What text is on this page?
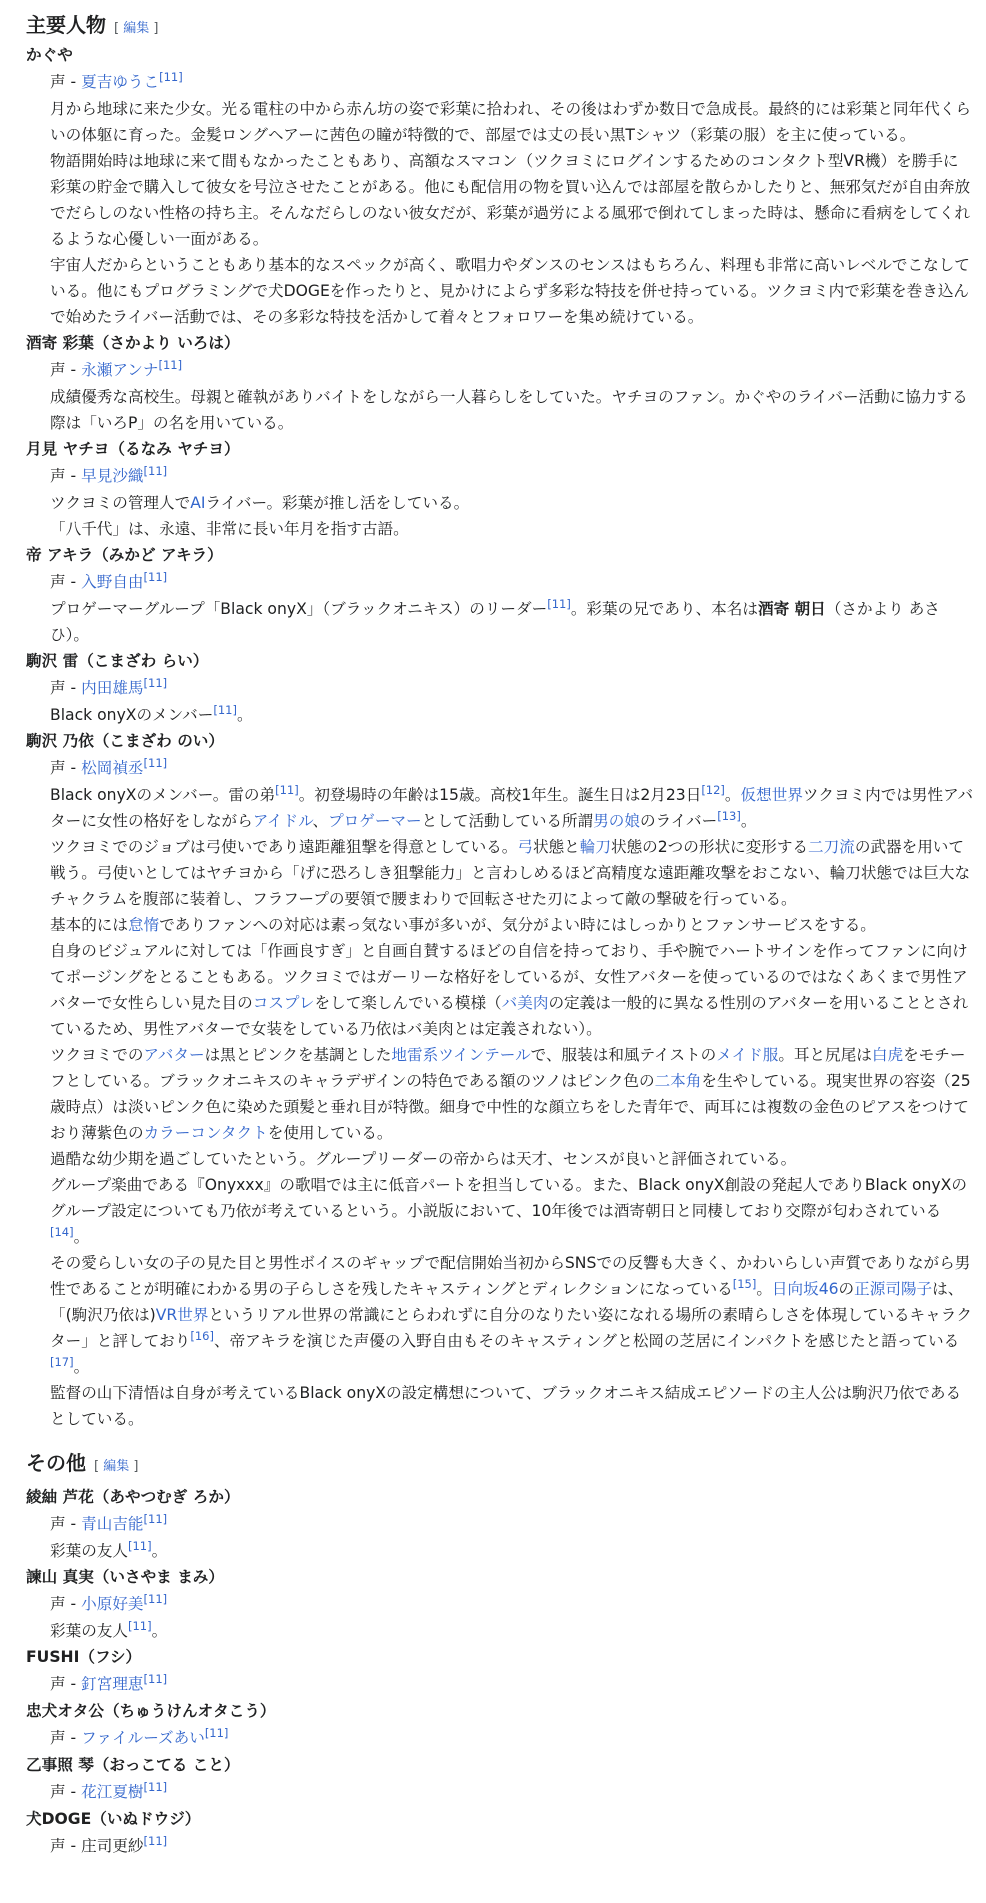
主要人物 [ 編集 ]
かぐや
声 - 夏吉ゆうこ[11]

月から地球に来た少女。光る電柱の中から赤ん坊の姿で彩葉に拾われ、その後はわずか数日で急成長。最終的には彩葉と同年代くらいの体躯に育った。金髪ロングヘアーに茜色の瞳が特徴的で、部屋では丈の長い黒Tシャツ（彩葉の服）を主に使っている。

物語開始時は地球に来て間もなかったこともあり、高額なスマコン（ツクヨミにログインするためのコンタクト型VR機）を勝手に彩葉の貯金で購入して彼女を号泣させたことがある。他にも配信用の物を買い込んでは部屋を散らかしたりと、無邪気だが自由奔放でだらしのない性格の持ち主。そんなだらしのない彼女だが、彩葉が過労による風邪で倒れてしまった時は、懸命に看病をしてくれるような心優しい一面がある。

宇宙人だからということもあり基本的なスペックが高く、歌唱力やダンスのセンスはもちろん、料理も非常に高いレベルでこなしている。他にもプログラミングで犬DOGEを作ったりと、見かけによらず多彩な特技を併せ持っている。ツクヨミ内で彩葉を巻き込んで始めたライバー活動では、その多彩な特技を活かして着々とフォロワーを集め続けている。

酒寄 彩葉（さかより いろは）
声 - 永瀬アンナ[11]

成績優秀な高校生。母親と確執がありバイトをしながら一人暮らしをしていた。ヤチヨのファン。かぐやのライバー活動に協力する際は「いろP」の名を用いている。

月見 ヤチヨ（るなみ ヤチヨ）
声 - 早見沙織[11]

ツクヨミの管理人でAIライバー。彩葉が推し活をしている。

「八千代」は、永遠、非常に長い年月を指す古語。

帝 アキラ（みかど アキラ）
声 - 入野自由[11]

プロゲーマーグループ「Black onyX」（ブラックオニキス）のリーダー[11]。彩葉の兄であり、本名は酒寄 朝日（さかより あさひ）。

駒沢 雷（こまざわ らい）
声 - 内田雄馬[11]

Black onyXのメンバー[11]。

駒沢 乃依（こまざわ のい）
声 - 松岡禎丞[11]

Black onyXのメンバー。雷の弟[11]。初登場時の年齢は15歳。高校1年生。誕生日は2月23日[12]。仮想世界ツクヨミ内では男性アバターに女性の格好をしながらアイドル、プロゲーマーとして活動している所謂男の娘のライバー[13]。

ツクヨミでのジョブは弓使いであり遠距離狙撃を得意としている。弓状態と輪刀状態の2つの形状に変形する二刀流の武器を用いて戦う。弓使いとしてはヤチヨから「げに恐ろしき狙撃能力」と言わしめるほど高精度な遠距離攻撃をおこない、輪刀状態では巨大なチャクラムを腹部に装着し、フラフープの要領で腰まわりで回転させた刃によって敵の撃破を行っている。

基本的には怠惰でありファンへの対応は素っ気ない事が多いが、気分がよい時にはしっかりとファンサービスをする。

自身のビジュアルに対しては「作画良すぎ」と自画自賛するほどの自信を持っており、手や腕でハートサインを作ってファンに向けてポージングをとることもある。ツクヨミではガーリーな格好をしているが、女性アバターを使っているのではなくあくまで男性アバターで女性らしい見た目のコスプレをして楽しんでいる模様（バ美肉の定義は一般的に異なる性別のアバターを用いることとされているため、男性アバターで女装をしている乃依はバ美肉とは定義されない）。

ツクヨミでのアバターは黒とピンクを基調とした地雷系ツインテールで、服装は和風テイストのメイド服。耳と尻尾は白虎をモチーフとしている。ブラックオニキスのキャラデザインの特色である額のツノはピンク色の二本角を生やしている。現実世界の容姿（25歳時点）は淡いピンク色に染めた頭髪と垂れ目が特徴。細身で中性的な顔立ちをした青年で、両耳には複数の金色のピアスをつけており薄紫色のカラーコンタクトを使用している。

過酷な幼少期を過ごしていたという。グループリーダーの帝からは天才、センスが良いと評価されている。

グループ楽曲である『Onyxxx』の歌唱では主に低音パートを担当している。また、Black onyX創設の発起人でありBlack onyXのグループ設定についても乃依が考えているという。小説版において、10年後では酒寄朝日と同棲しており交際が匂わされている[14]。

その愛らしい女の子の見た目と男性ボイスのギャップで配信開始当初からSNSでの反響も大きく、かわいらしい声質でありながら男性であることが明確にわかる男の子らしさを残したキャスティングとディレクションになっている[15]。日向坂46の正源司陽子は、「(駒沢乃依は)VR世界というリアル世界の常識にとらわれずに自分のなりたい姿になれる場所の素晴らしさを体現しているキャラクター」と評しており[16]、帝アキラを演じた声優の入野自由もそのキャスティングと松岡の芝居にインパクトを感じたと語っている[17]。

監督の山下清悟は自身が考えているBlack onyXの設定構想について、ブラックオニキス結成エピソードの主人公は駒沢乃依であるとしている。

その他 [ 編集 ]
綾紬 芦花（あやつむぎ ろか）
声 - 青山吉能[11]

彩葉の友人[11]。

諫山 真実（いさやま まみ）
声 - 小原好美[11]

彩葉の友人[11]。

FUSHI（フシ）
声 - 釘宮理恵[11]
忠犬オタ公（ちゅうけんオタこう）
声 - ファイルーズあい[11]
乙事照 琴（おっこてる こと）
声 - 花江夏樹[11]
犬DOGE（いぬドウジ）
声 - 庄司更紗[11]
